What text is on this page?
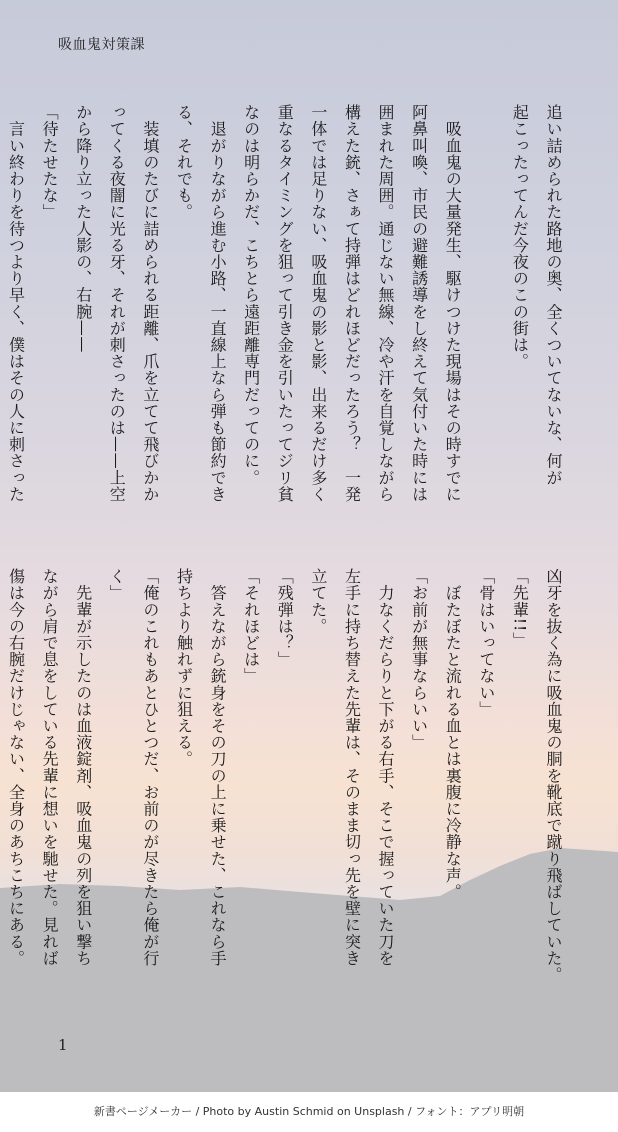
吸血鬼対策課

追い詰められた路地の奥、全くついてないな、何が

起こったってんだ今夜のこの街は。

　吸血鬼の大量発生、駆けつけた現場はその時すでに

阿鼻叫喚、市民の避難誘導をし終えて気付いた時には

囲まれた周囲。通じない無線、冷や汗を自覚しながら

構えた銃、さぁて持弾はどれほどだったろう？　一発

一体では足りない、吸血鬼の影と影、出来るだけ多く

重なるタイミングを狙って引き金を引いたってジリ貧

なのは明らかだ、こちとら遠距離専門だってのに。

　退がりながら進む小路、一直線上なら弾も節約でき

る、それでも。

　装填のたびに詰められる距離、爪を立てて飛びかか

ってくる夜闇に光る牙、それが刺さったのは——上空

から降り立った人影の、右腕——

「待たせたな」

　言い終わりを待つより早く、僕はその人に刺さった

凶牙を抜く為に吸血鬼の胴を靴底で蹴り飛ばしていた。

「先輩!!」

「骨はいってない」

　ぼたぼたと流れる血とは裏腹に冷静な声。

「お前が無事ならいい」

　力なくだらりと下がる右手、そこで握っていた刀を

左手に持ち替えた先輩は、そのまま切っ先を壁に突き

立てた。

「残弾は？」

「それほどは」

　答えながら銃身をその刀の上に乗せた、これなら手

持ちより触れずに狙える。

「俺のこれもあとひとつだ、お前のが尽きたら俺が行

く」

　先輩が示したのは血液錠剤、吸血鬼の列を狙い撃ち

ながら肩で息をしている先輩に想いを馳せた。見れば

傷は今の右腕だけじゃない、全身のあちこちにある。

1
新書ページメーカー / Photo by Austin Schmid on Unsplash / フォント：アプリ明朝
